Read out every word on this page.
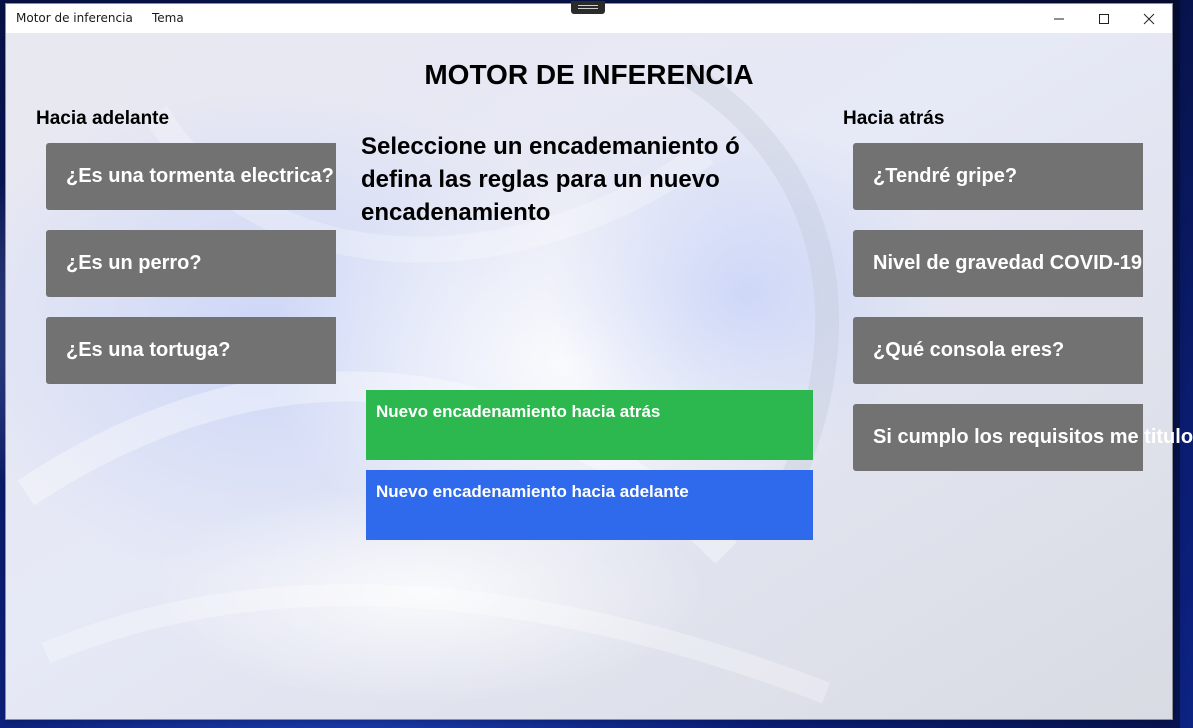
Motor de inferencia Tema
MOTOR DE INFERENCIA
Hacia adelante	Hacia atrás
¿Es una tormenta electrica?
¿Es un perro?
¿Es una tortuga?
Seleccione un encademaniento ó defina las reglas para un nuevo encadenamiento
Nuevo encadenamiento hacia atrás
Nuevo encadenamiento hacia adelante
¿Tendré gripe?
Nivel de gravedad COVID-19
¿Qué consola eres?
Si cumplo los requisitos me titulo
